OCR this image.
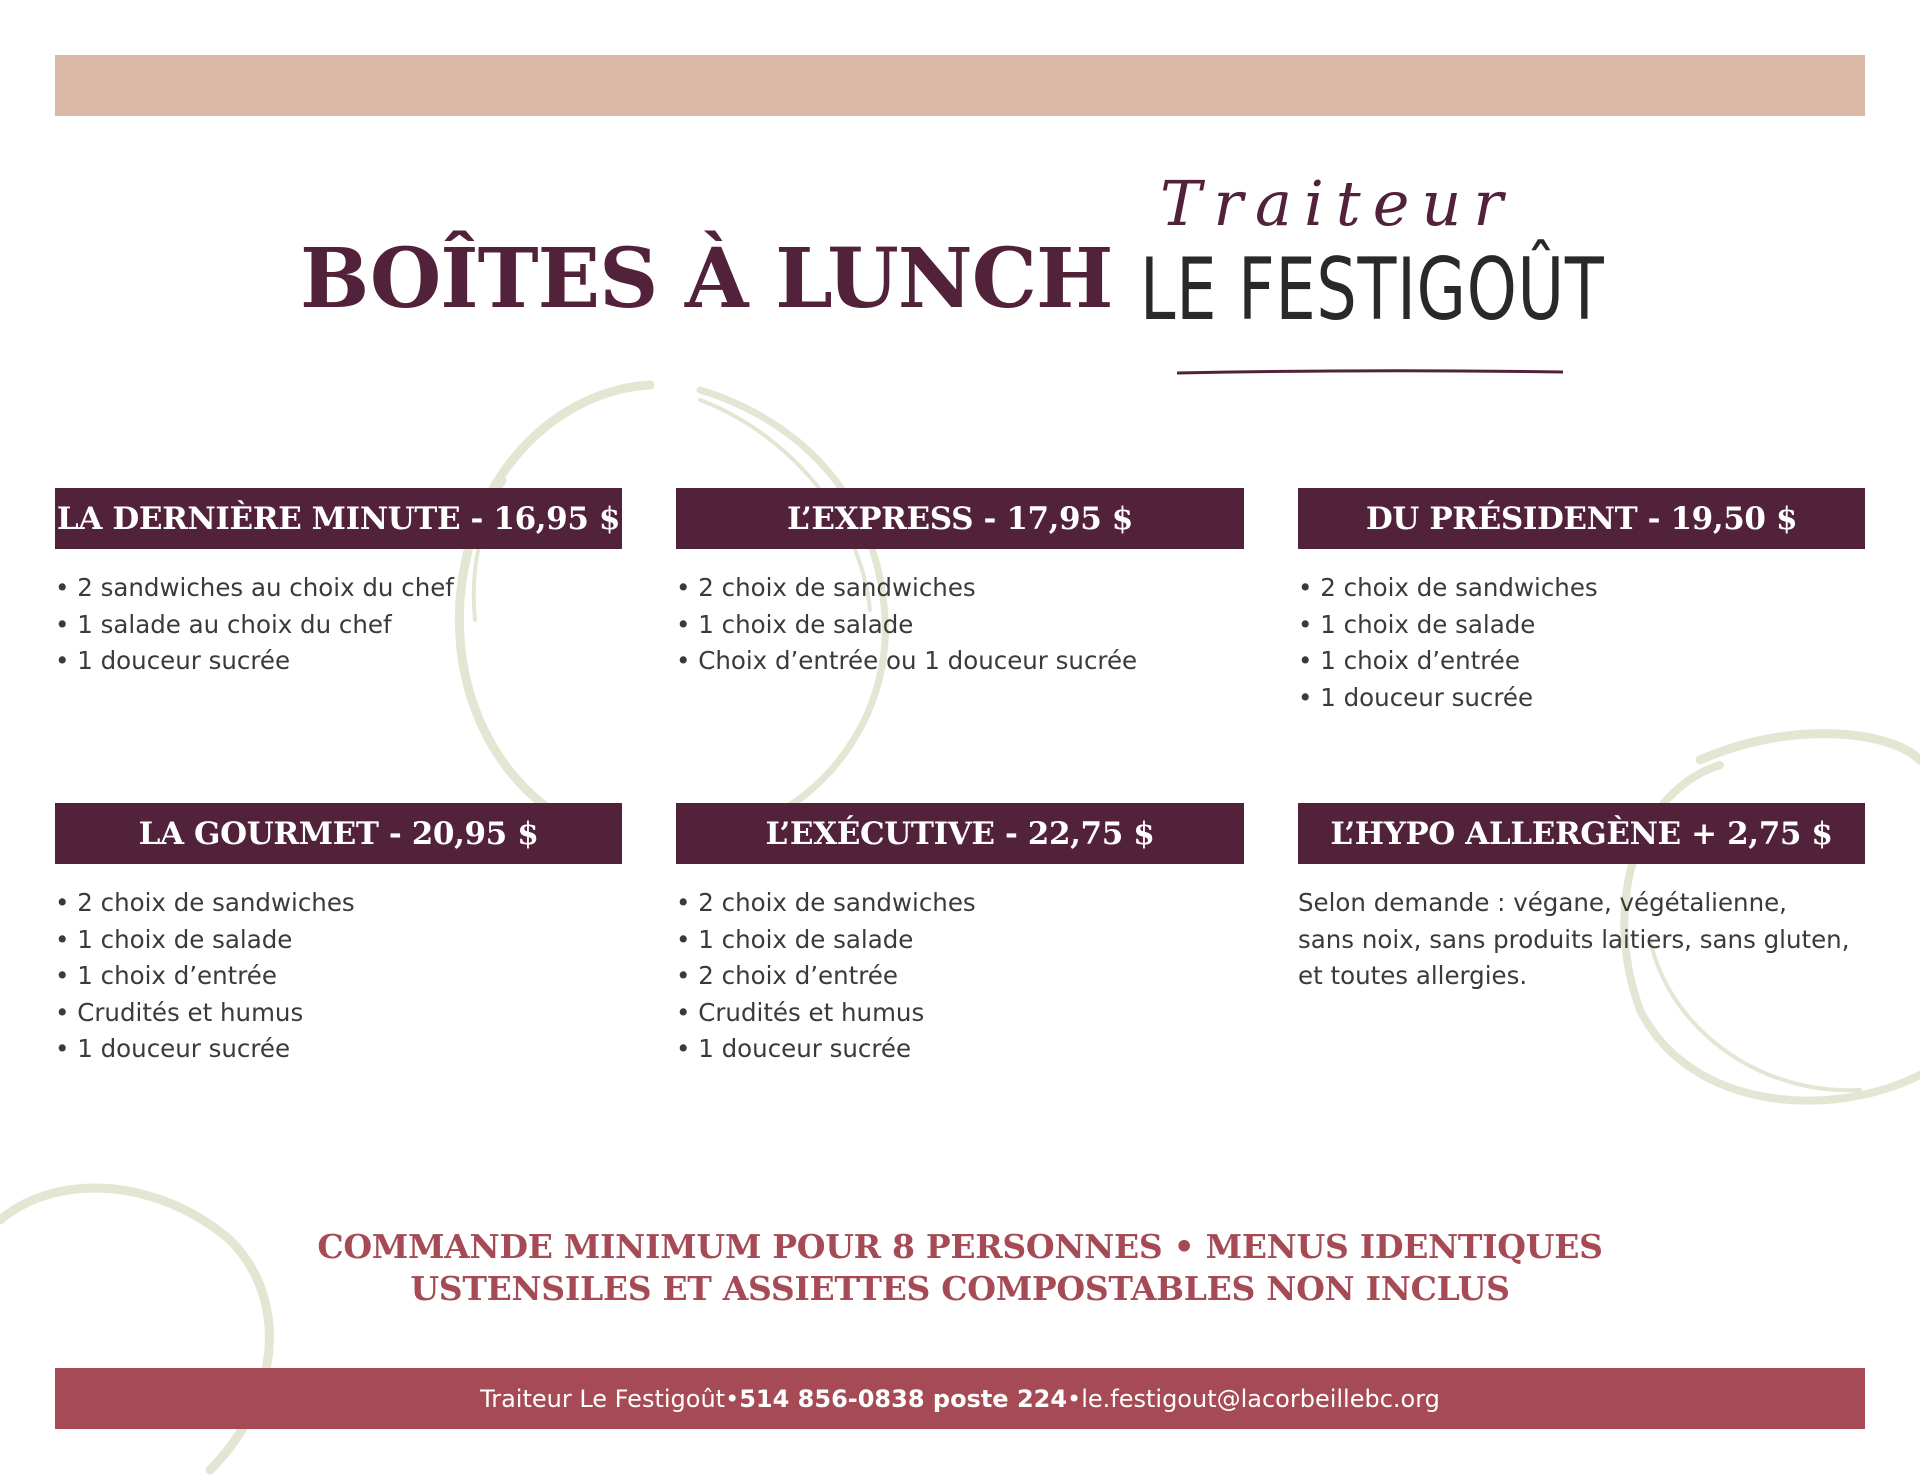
BOÎTES À LUNCH
Traiteur
LE FESTIGOÛT
LA DERNIÈRE MINUTE - 16,95 $
• 2 sandwiches au choix du chef
• 1 salade au choix du chef
• 1 douceur sucrée
L’EXPRESS - 17,95 $
• 2 choix de sandwiches
• 1 choix de salade
• Choix d’entrée ou 1 douceur sucrée
DU PRÉSIDENT - 19,50 $
• 2 choix de sandwiches
• 1 choix de salade
• 1 choix d’entrée
• 1 douceur sucrée
LA GOURMET - 20,95 $
• 2 choix de sandwiches
• 1 choix de salade
• 1 choix d’entrée
• Crudités et humus
• 1 douceur sucrée
L’EXÉCUTIVE - 22,75 $
• 2 choix de sandwiches
• 1 choix de salade
• 2 choix d’entrée
• Crudités et humus
• 1 douceur sucrée
L’HYPO ALLERGÈNE + 2,75 $
Selon demande : végane, végétalienne,
sans noix, sans produits laitiers, sans gluten,
et toutes allergies.
COMMANDE MINIMUM POUR 8 PERSONNES • MENUS IDENTIQUES
USTENSILES ET ASSIETTES COMPOSTABLES NON INCLUS
Traiteur Le Festigoût • 514 856-0838 poste 224 • le.festigout@lacorbeillebc.org
